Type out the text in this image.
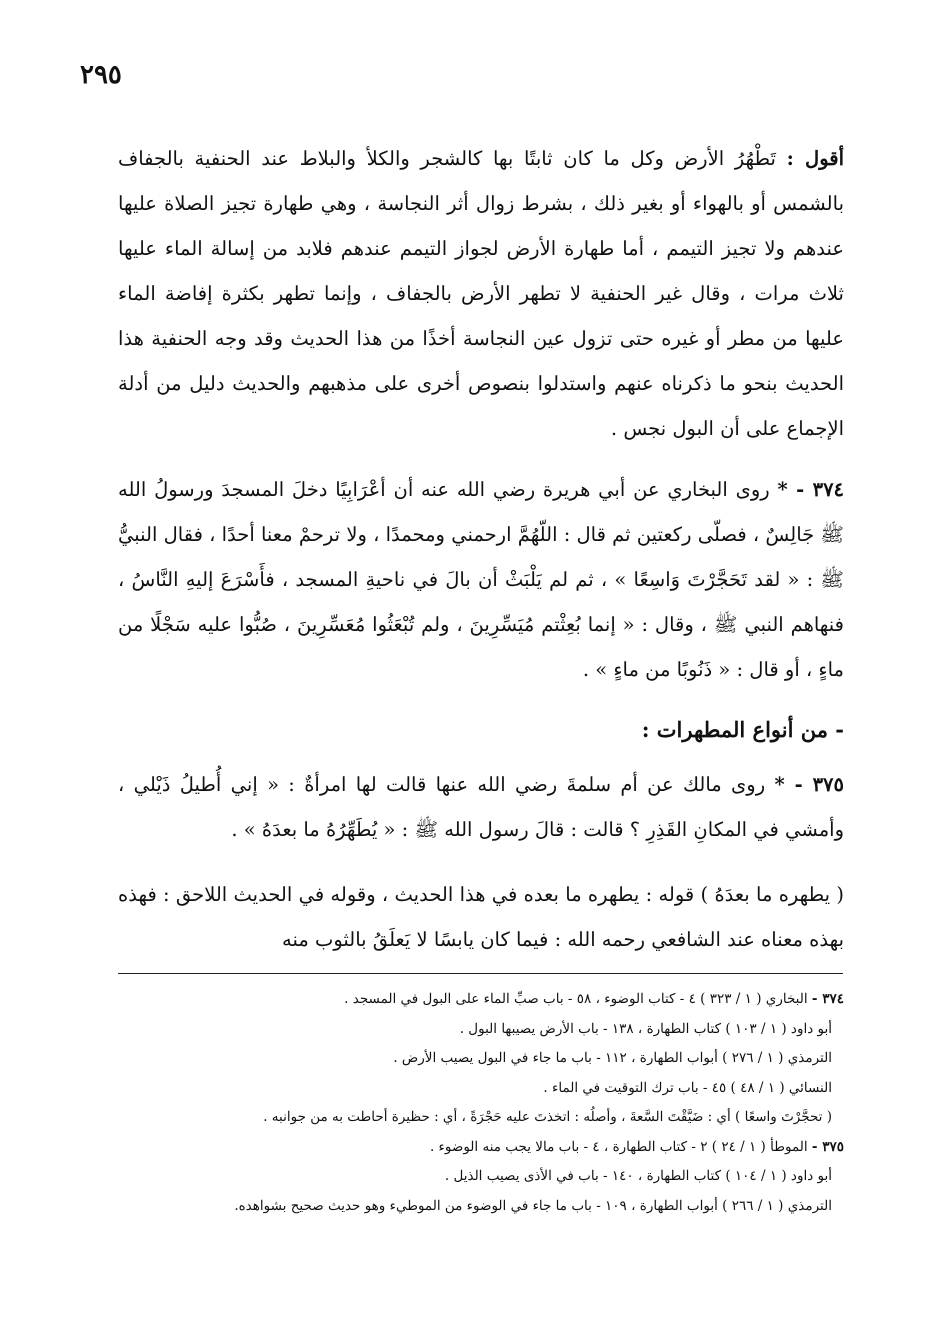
٢٩٥

أقول : تَطْهُرُ الأرض وكل ما كان ثابتًا بها كالشجر والكلأ والبلاط عند الحنفية بالجفاف بالشمس أو بالهواء أو بغير ذلك ، بشرط زوال أثر النجاسة ، وهي طهارة تجيز الصلاة عليها عندهم ولا تجيز التيمم ، أما طهارة الأرض لجواز التيمم عندهم فلابد من إسالة الماء عليها ثلاث مرات ، وقال غير الحنفية لا تطهر الأرض بالجفاف ، وإنما تطهر بكثرة إفاضة الماء عليها من مطر أو غيره حتى تزول عين النجاسة أخذًا من هذا الحديث وقد وجه الحنفية هذا الحديث بنحو ما ذكرناه عنهم واستدلوا بنصوص أخرى على مذهبهم والحديث دليل من أدلة الإجماع على أن البول نجس .

٣٧٤ - * روى البخاري عن أبي هريرة رضي الله عنه أن أعْرَابِيًا دخلَ المسجدَ ورسولُ الله ﷺ جَالِسٌ ، فصلّى ركعتين ثم قال : اللّهُمَّ ارحمني ومحمدًا ، ولا ترحمْ معنا أحدًا ، فقال النبيُّ ﷺ : « لقد تَحَجَّرْتَ وَاسِعًا » ، ثم لم يَلْبَثْ أن بالَ في ناحيةِ المسجد ، فأَسْرَعَ إليهِ النَّاسُ ، فنهاهم النبي ﷺ ، وقال : « إنما بُعِثْتم مُيَسِّرِينَ ، ولم تُبْعَثُوا مُعَسِّرِينَ ، صُبُّوا عليه سَجْلًا من ماءٍ ، أو قال : « ذَنُوبًا من ماءٍ » .

- من أنواع المطهرات :

٣٧٥ - * روى مالك عن أم سلمةَ رضي الله عنها قالت لها امرأةٌ : « إني أُطيلُ ذَيْلي ، وأمشي في المكانِ القَذِرِ ؟ قالت : قالَ رسول الله ﷺ : « يُطَهِّرُهُ ما بعدَهُ » .

( يطهره ما بعدَهُ ) قوله : يطهره ما بعده في هذا الحديث ، وقوله في الحديث اللاحق : فهذه بهذه معناه عند الشافعي رحمه الله : فيما كان يابسًا لا يَعلَقُ بالثوب منه

٣٧٤ - البخاري ( ١ / ٣٢٣ ) ٤ - كتاب الوضوء ، ٥٨ - باب صبِّ الماء على البول في المسجد .
أبو داود ( ١ / ١٠٣ ) كتاب الطهارة ، ١٣٨ - باب الأرض يصيبها البول .
الترمذي ( ١ / ٢٧٦ ) أبواب الطهارة ، ١١٢ - باب ما جاء في البول يصيب الأرض .
النسائي ( ١ / ٤٨ ) ٤٥ - باب ترك التوقيت في الماء .
( تحجَّرْتَ واسعًا ) أي : ضَيَّقْتَ السَّعةَ ، وأصلُه : اتخذتَ عليه حَجْرَةً ، أي : حظيرة أحاطت به من جوانبه .
٣٧٥ - الموطأ ( ١ / ٢٤ ) ٢ - كتاب الطهارة ، ٤ - باب مالا يجب منه الوضوء .
أبو داود ( ١ / ١٠٤ ) كتاب الطهارة ، ١٤٠ - باب في الأذى يصيب الذيل .
الترمذي ( ١ / ٢٦٦ ) أبواب الطهارة ، ١٠٩ - باب ما جاء في الوضوء من الموطيء وهو حديث صحيح بشواهده.
